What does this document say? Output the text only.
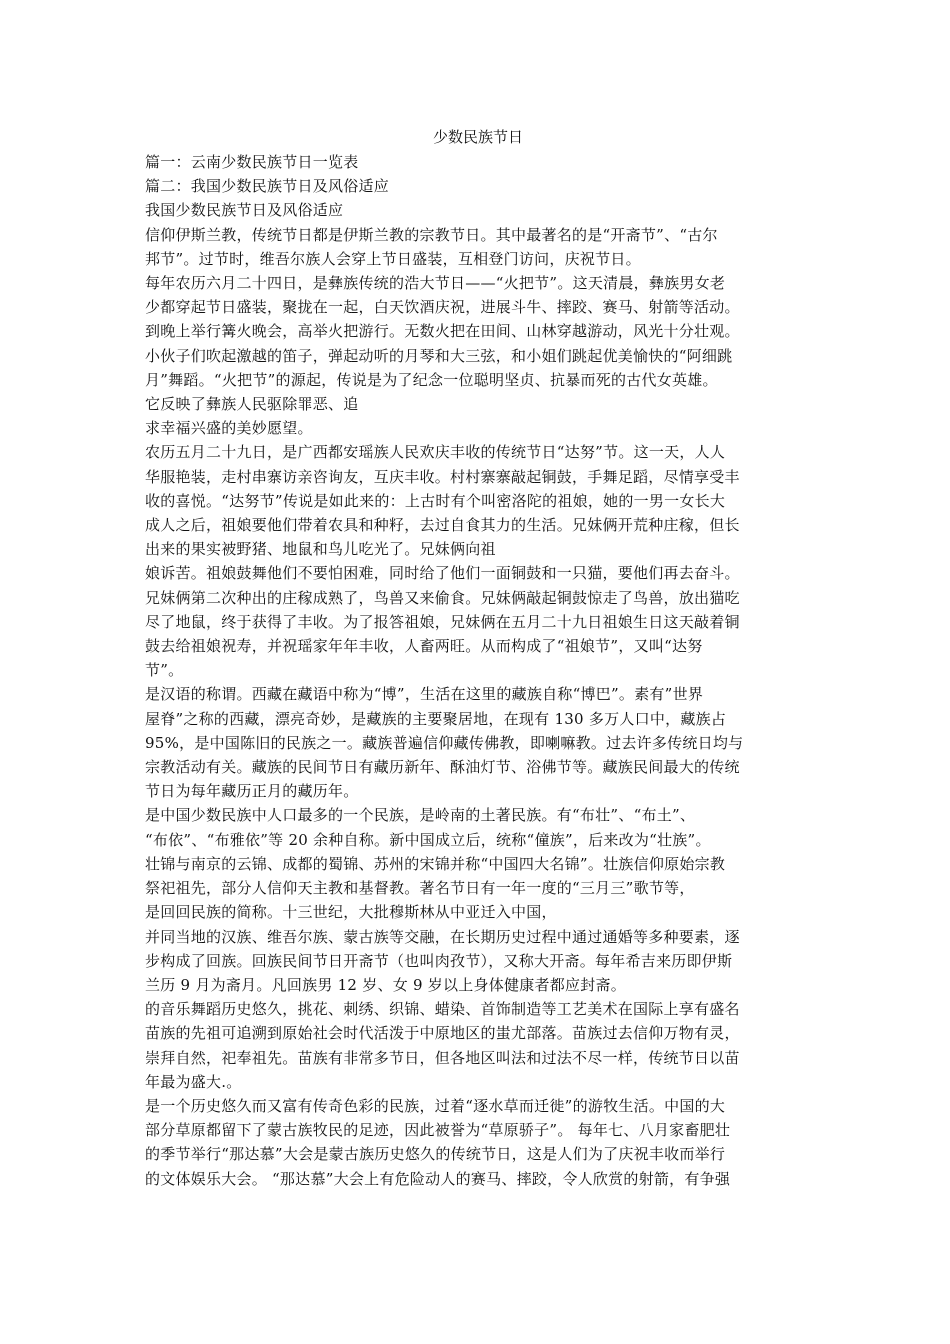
少数民族节日

篇一：云南少数民族节日一览表

篇二：我国少数民族节日及风俗适应

我国少数民族节日及风俗适应

信仰伊斯兰教，传统节日都是伊斯兰教的宗教节日。其中最著名的是“开斋节”、“古尔

邦节”。过节时，维吾尔族人会穿上节日盛装，互相登门访问，庆祝节日。

每年农历六月二十四日，是彝族传统的浩大节日——“火把节”。这天清晨，彝族男女老

少都穿起节日盛装，聚拢在一起，白天饮酒庆祝，进展斗牛、摔跤、赛马、射箭等活动。

到晚上举行篝火晚会，高举火把游行。无数火把在田间、山林穿越游动，风光十分壮观。

小伙子们吹起激越的笛子，弹起动听的月琴和大三弦，和小姐们跳起优美愉快的“阿细跳

月”舞蹈。“火把节”的源起，传说是为了纪念一位聪明坚贞、抗暴而死的古代女英雄。

它反映了彝族人民驱除罪恶、追

求幸福兴盛的美妙愿望。

农历五月二十九日，是广西都安瑶族人民欢庆丰收的传统节日“达努”节。这一天，人人

华服艳装，走村串寨访亲咨询友，互庆丰收。村村寨寨敲起铜鼓，手舞足蹈，尽情享受丰

收的喜悦。“达努节”传说是如此来的：上古时有个叫密洛陀的祖娘，她的一男一女长大

成人之后，祖娘要他们带着农具和种籽，去过自食其力的生活。兄妹俩开荒种庄稼，但长

出来的果实被野猪、地鼠和鸟儿吃光了。兄妹俩向祖

娘诉苦。祖娘鼓舞他们不要怕困难，同时给了他们一面铜鼓和一只猫，要他们再去奋斗。

兄妹俩第二次种出的庄稼成熟了，鸟兽又来偷食。兄妹俩敲起铜鼓惊走了鸟兽，放出猫吃

尽了地鼠，终于获得了丰收。为了报答祖娘，兄妹俩在五月二十九日祖娘生日这天敲着铜

鼓去给祖娘祝寿，并祝瑶家年年丰收，人畜两旺。从而构成了“祖娘节”，又叫“达努

节”。

是汉语的称谓。西藏在藏语中称为“博”，生活在这里的藏族自称“博巴”。素有”世界

屋脊”之称的西藏，漂亮奇妙，是藏族的主要聚居地，在现有 130 多万人口中，藏族占

95%，是中国陈旧的民族之一。藏族普遍信仰藏传佛教，即喇嘛教。过去许多传统日均与

宗教活动有关。藏族的民间节日有藏历新年、酥油灯节、浴佛节等。藏族民间最大的传统

节日为每年藏历正月的藏历年。

是中国少数民族中人口最多的一个民族，是岭南的土著民族。有“布壮”、“布土”、

“布依”、“布雅依”等 20 余种自称。新中国成立后，统称“僮族”，后来改为“壮族”。

壮锦与南京的云锦、成都的蜀锦、苏州的宋锦并称“中国四大名锦”。壮族信仰原始宗教

祭祀祖先，部分人信仰天主教和基督教。著名节日有一年一度的“三月三”歌节等，

是回回民族的简称。十三世纪，大批穆斯林从中亚迁入中国，

并同当地的汉族、维吾尔族、蒙古族等交融，在长期历史过程中通过通婚等多种要素，逐

步构成了回族。回族民间节日开斋节（也叫肉孜节），又称大开斋。每年希吉来历即伊斯

兰历 9 月为斋月。凡回族男 12 岁、女 9 岁以上身体健康者都应封斋。

的音乐舞蹈历史悠久，挑花、刺绣、织锦、蜡染、首饰制造等工艺美术在国际上享有盛名

苗族的先祖可追溯到原始社会时代活泼于中原地区的蚩尤部落。苗族过去信仰万物有灵，

崇拜自然，祀奉祖先。苗族有非常多节日，但各地区叫法和过法不尽一样，传统节日以苗

年最为盛大.。

是一个历史悠久而又富有传奇色彩的民族，过着“逐水草而迁徙”的游牧生活。中国的大

部分草原都留下了蒙古族牧民的足迹，因此被誉为“草原骄子”。 每年七、八月家畜肥壮

的季节举行“那达慕”大会是蒙古族历史悠久的传统节日，这是人们为了庆祝丰收而举行

的文体娱乐大会。 “那达慕”大会上有危险动人的赛马、摔跤，令人欣赏的射箭，有争强
